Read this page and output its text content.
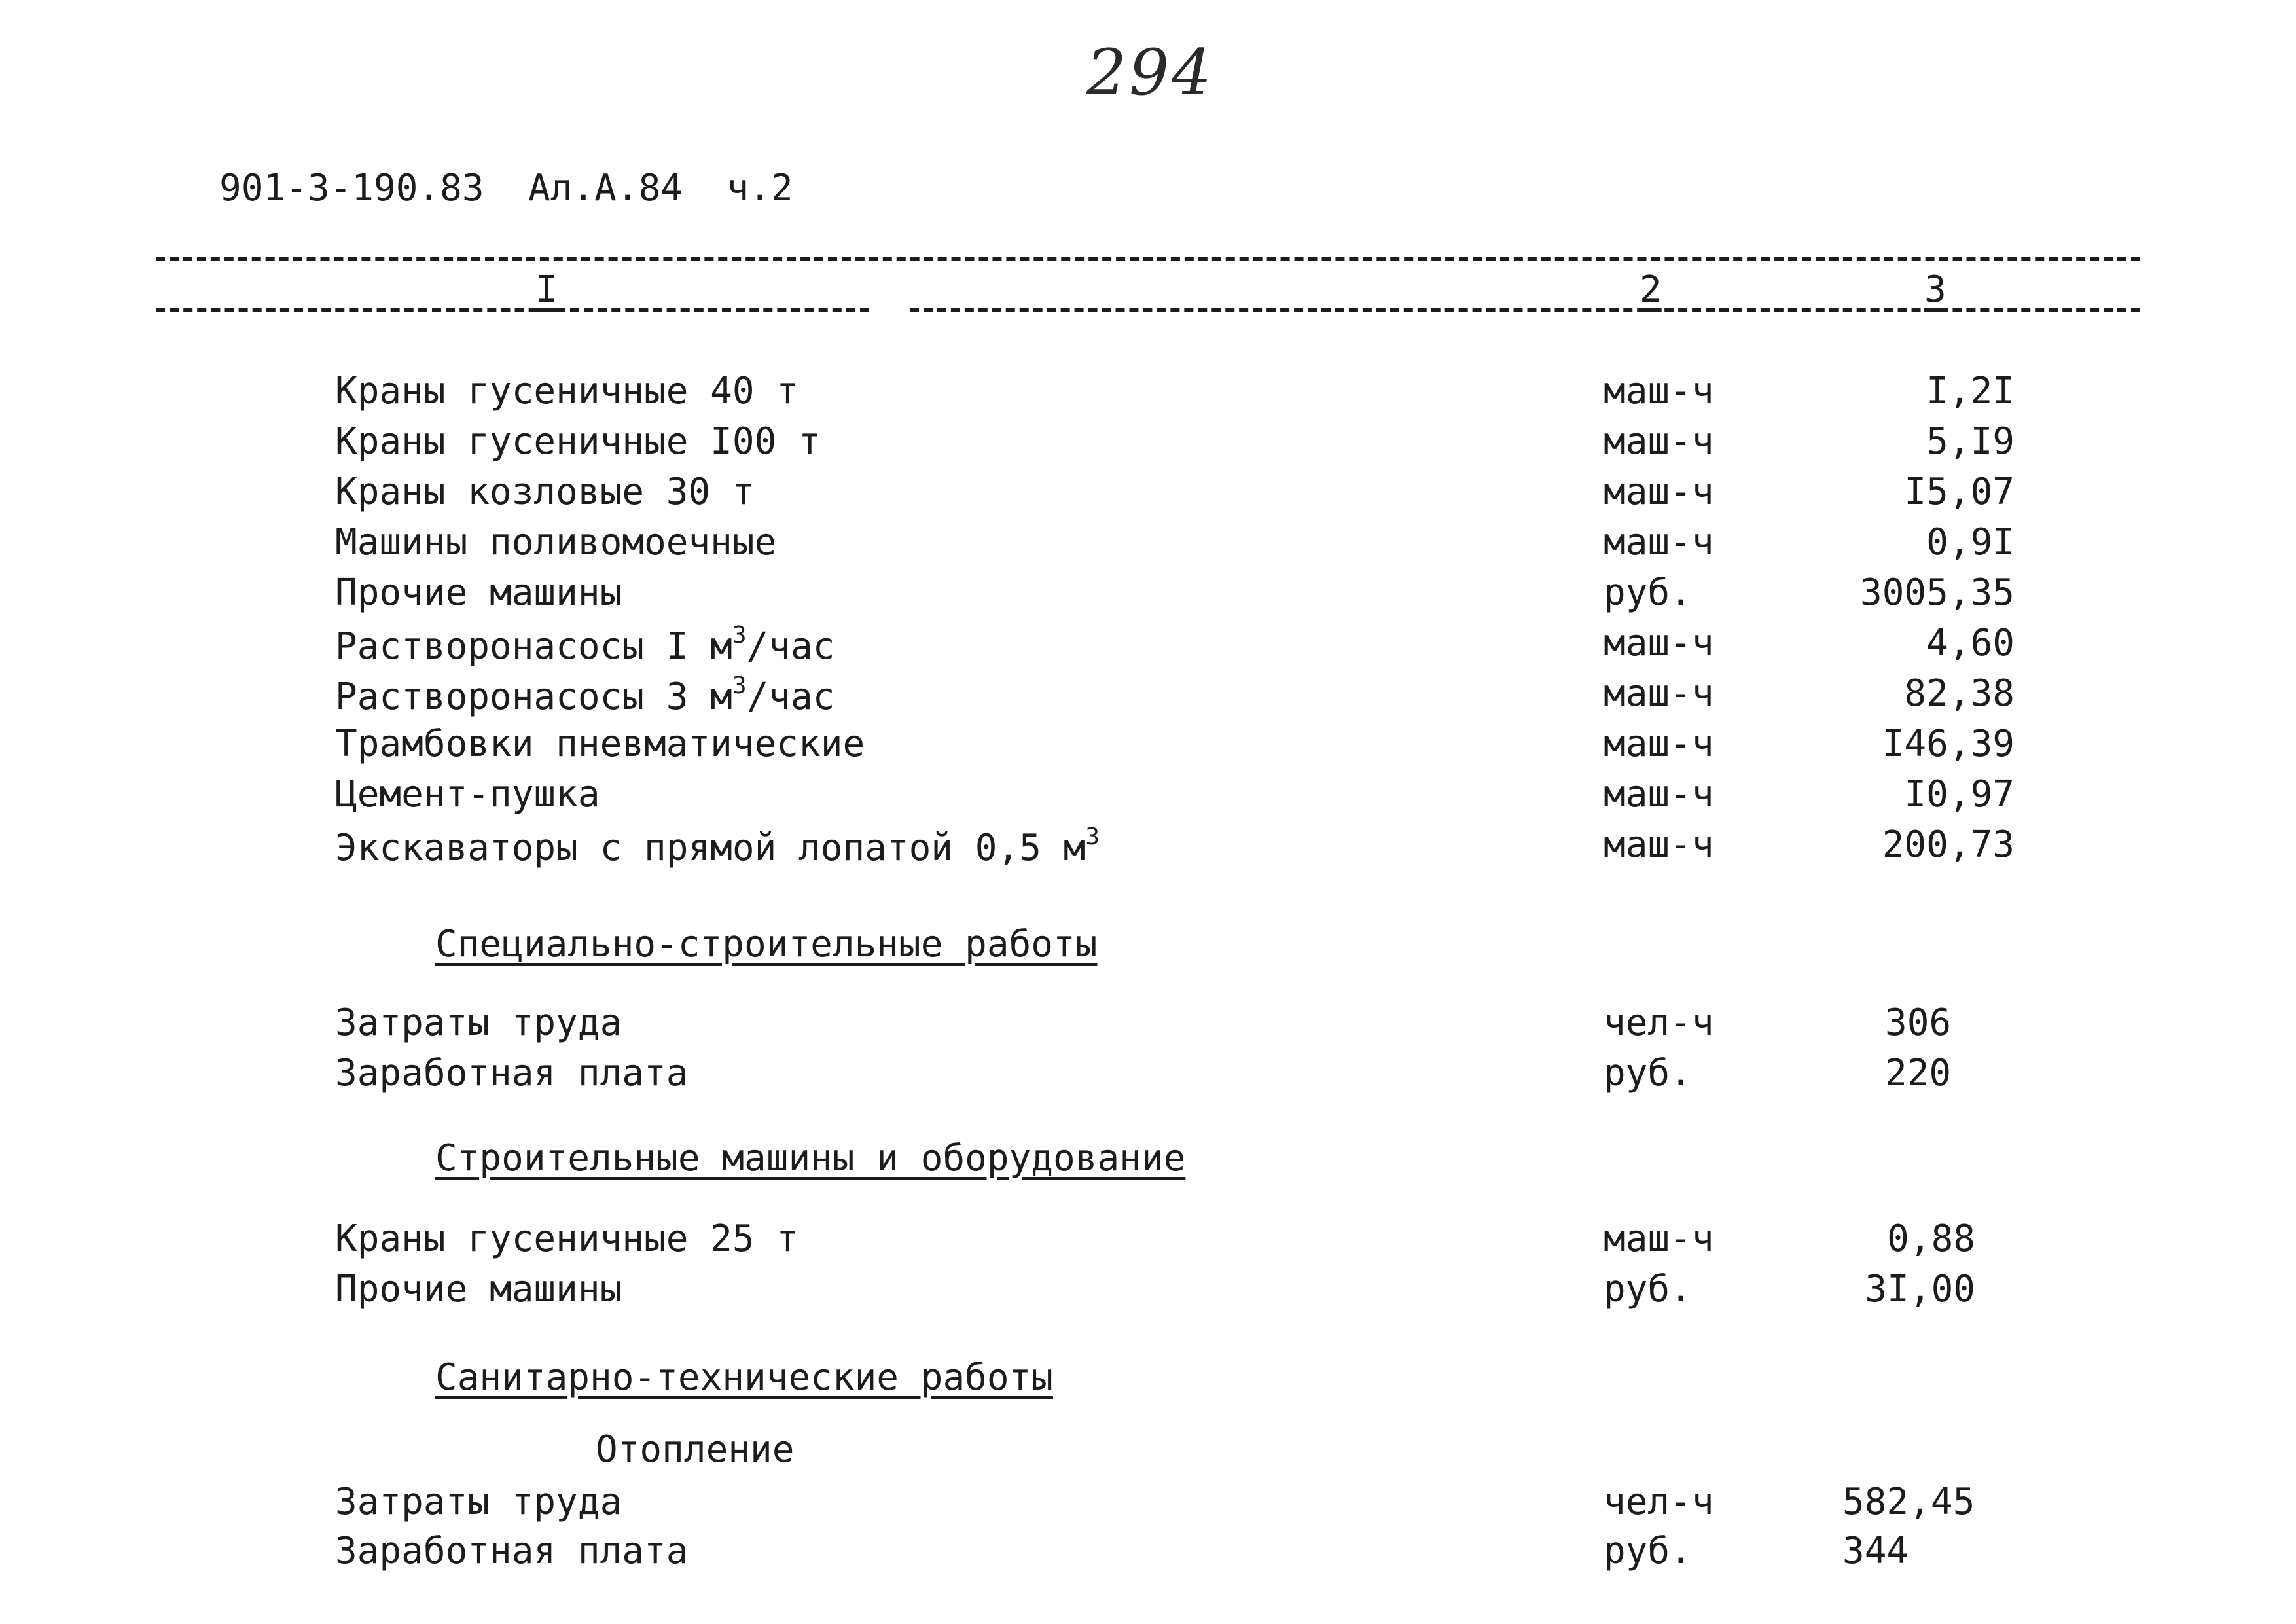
294
901-3-190.83  Ал.А.84  ч.2
I	2	3
Краны гусеничные 40 т	маш-ч	I,2I
Краны гусеничные I00 т	маш-ч	5,I9
Краны козловые 30 т	маш-ч	I5,07
Машины поливомоечные	маш-ч	0,9I
Прочие машины	руб.	3005,35
Растворонасосы I $м^3$/час	маш-ч	4,60
Растворонасосы 3 $м^3$/час	маш-ч	82,38
Трамбовки пневматические	маш-ч	I46,39
Цемент-пушка	маш-ч	I0,97
Экскаваторы с прямой лопатой 0,5 $м^3$	маш-ч	200,73
Специально-строительные работы
Затраты труда	чел-ч	306
Заработная плата	руб.	220
Строительные машины и оборудование
Краны гусеничные 25 т	маш-ч	0,88
Прочие машины	руб.	3I,00
Санитарно-технические работы
Отопление
Затраты труда	чел-ч	582,45
Заработная плата	руб.	344
